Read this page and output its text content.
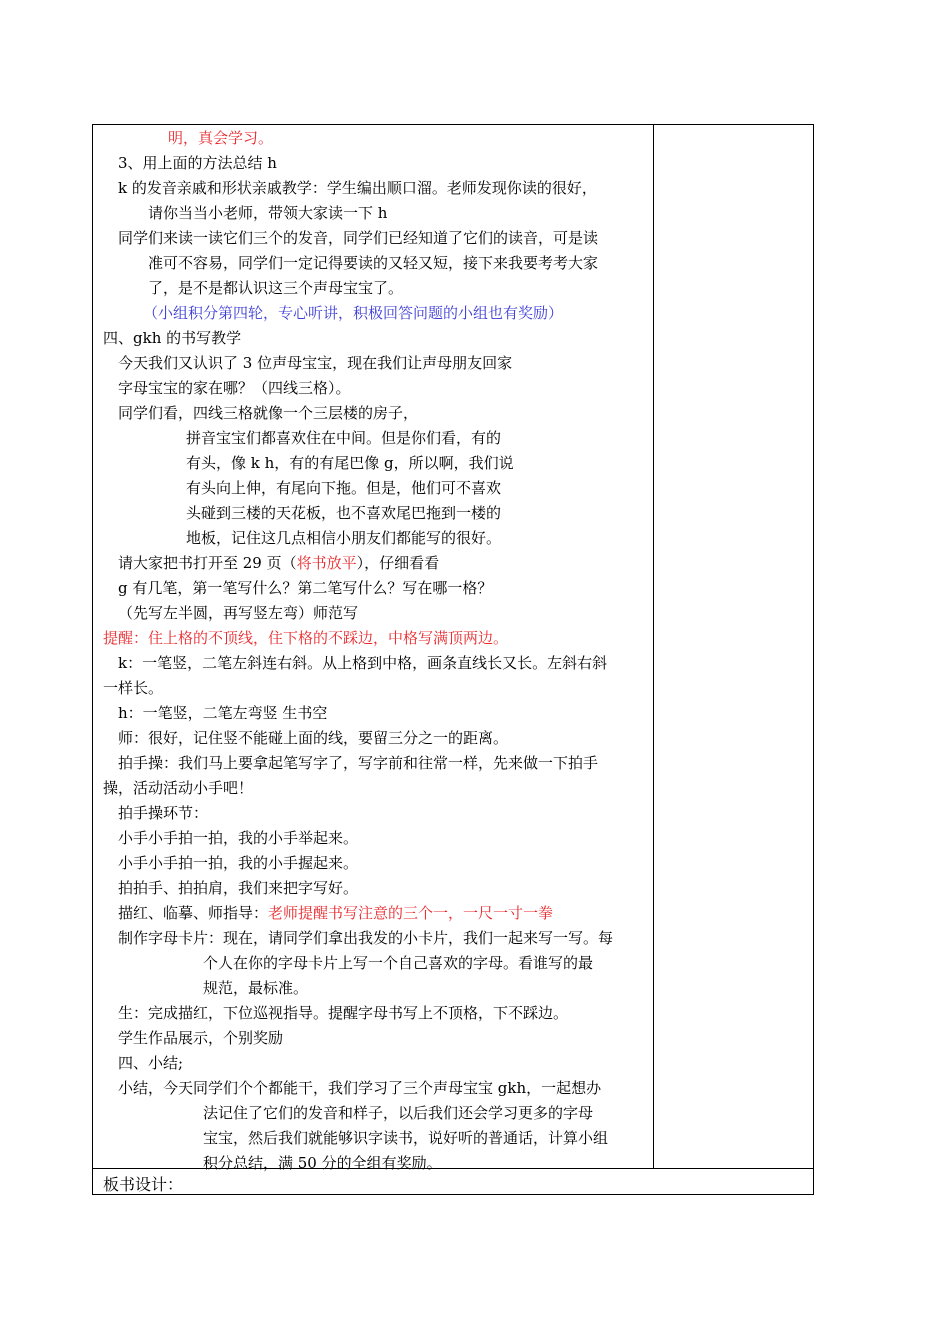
明，真会学习。
3、用上面的方法总结 h
k 的发音亲戚和形状亲戚教学：学生编出顺口溜。老师发现你读的很好，
请你当当小老师，带领大家读一下 h
同学们来读一读它们三个的发音，同学们已经知道了它们的读音，可是读
准可不容易，同学们一定记得要读的又轻又短，接下来我要考考大家
了，是不是都认识这三个声母宝宝了。
（小组积分第四轮，专心听讲，积极回答问题的小组也有奖励）
四、gkh 的书写教学
今天我们又认识了 3 位声母宝宝，现在我们让声母朋友回家
字母宝宝的家在哪？（四线三格）。
同学们看，四线三格就像一个三层楼的房子，
拼音宝宝们都喜欢住在中间。但是你们看，有的
有头，像 k h，有的有尾巴像 g，所以啊，我们说
有头向上伸，有尾向下拖。但是，他们可不喜欢
头碰到三楼的天花板，也不喜欢尾巴拖到一楼的
地板，记住这几点相信小朋友们都能写的很好。
请大家把书打开至 29 页（将书放平），仔细看看
g 有几笔，第一笔写什么？第二笔写什么？写在哪一格？
（先写左半圆，再写竖左弯）师范写
提醒：住上格的不顶线，住下格的不踩边，中格写满顶两边。
k：一笔竖，二笔左斜连右斜。从上格到中格，画条直线长又长。左斜右斜
一样长。
h：一笔竖，二笔左弯竖 生书空
师：很好，记住竖不能碰上面的线，要留三分之一的距离。
拍手操：我们马上要拿起笔写字了，写字前和往常一样，先来做一下拍手
操，活动活动小手吧！
拍手操环节：
小手小手拍一拍，我的小手举起来。
小手小手拍一拍，我的小手握起来。
拍拍手、拍拍肩，我们来把字写好。
描红、临摹、师指导：老师提醒书写注意的三个一，一尺一寸一拳
制作字母卡片：现在，请同学们拿出我发的小卡片，我们一起来写一写。每
个人在你的字母卡片上写一个自己喜欢的字母。看谁写的最
规范，最标准。
生：完成描红，下位巡视指导。提醒字母书写上不顶格，下不踩边。
学生作品展示，个别奖励
四、小结;
小结，今天同学们个个都能干，我们学习了三个声母宝宝 gkh，一起想办
法记住了它们的发音和样子，以后我们还会学习更多的字母
宝宝，然后我们就能够识字读书，说好听的普通话，计算小组
积分总结，满 50 分的全组有奖励。
板书设计：
